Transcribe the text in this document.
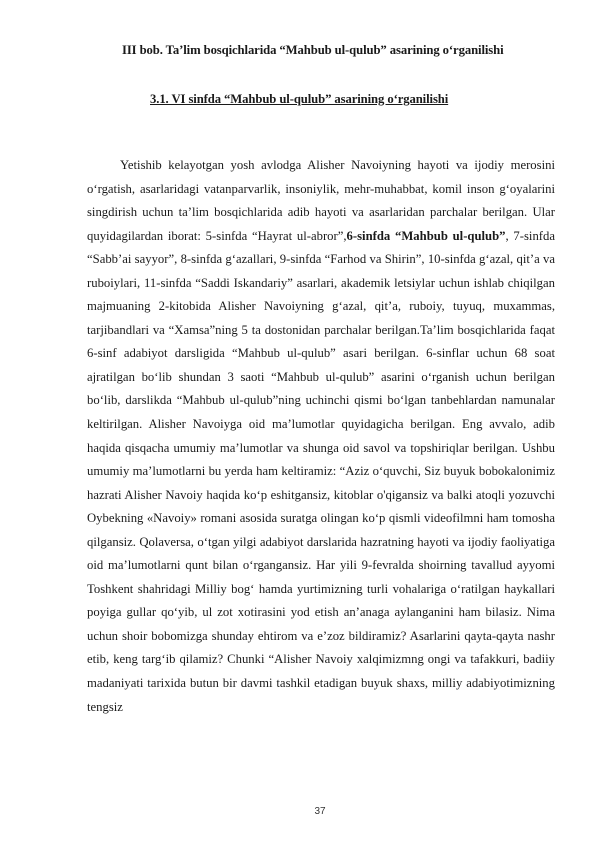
III bob. Ta’lim bosqichlarida “Mahbub ul-qulub” asarining o‘rganilishi
3.1. VI sinfda “Mahbub ul-qulub” asarining o‘rganilishi

Yetishib kelayotgan yosh avlodga Alisher Navoiyning hayoti va ijodiy merosini o‘rgatish, asarlaridagi vatanparvarlik, insoniylik, mehr-muhabbat, komil inson g‘oyalarini singdirish uchun ta’lim bosqichlarida adib hayoti va asarlaridan parchalar berilgan. Ular quyidagilardan iborat: 5-sinfda “Hayrat ul-abror”,6-sinfda “Mahbub ul-qulub”, 7-sinfda “Sabb’ai sayyor”, 8-sinfda g‘azallari, 9-sinfda “Farhod va Shirin”, 10-sinfda g‘azal, qit’a va ruboiylari, 11-sinfda “Saddi Iskandariy” asarlari, akademik letsiylar uchun ishlab chiqilgan majmuaning 2-kitobida Alisher Navoiyning g‘azal, qit’a, ruboiy, tuyuq, muxammas, tarjibandlari va “Xamsa”ning 5 ta dostonidan parchalar berilgan.Ta’lim bosqichlarida faqat 6-sinf adabiyot darsligida “Mahbub ul-qulub” asari berilgan. 6-sinflar uchun 68 soat ajratilgan bo‘lib shundan 3 saoti “Mahbub ul-qulub” asarini o‘rganish uchun berilgan bo‘lib, darslikda “Mahbub ul-qulub”ning uchinchi qismi bo‘lgan tanbehlardan namunalar keltirilgan. Alisher Navoiyga oid ma’lumotlar quyidagicha berilgan. Eng avvalo, adib haqida qisqacha umumiy ma’lumotlar va shunga oid savol va topshiriqlar berilgan. Ushbu umumiy ma’lumotlarni bu yerda ham keltiramiz: “Aziz o‘quvchi, Siz buyuk bobokalonimiz hazrati Alisher Navoiy haqida ko‘p eshitgansiz, kitoblar o'qigansiz va balki atoqli yozuvchi Oybekning «Navoiy» romani asosida suratga olingan ko‘p qismli videofilmni ham tomosha qilgansiz. Qolaversa, o‘tgan yilgi adabiyot darslarida hazratning hayoti va ijodiy faoliyatiga oid ma’lumotlarni qunt bilan o‘rgangansiz. Har yili 9-fevralda shoirning tavallud ayyomi Toshkent shahridagi Milliy bog‘ hamda yurtimizning turli vohalariga o‘ratilgan haykallari poyiga gullar qo‘yib, ul zot xotirasini yod etish an’anaga aylanganini ham bilasiz. Nima uchun shoir bobomizga shunday ehtirom va e’zoz bildiramiz? Asarlarini qayta-qayta nashr etib, keng targ‘ib qilamiz? Chunki “Alisher Navoiy xalqimizmng ongi va tafakkuri, badiiy madaniyati tarixida butun bir davmi tashkil etadigan buyuk shaxs, milliy adabiyotimizning tengsiz

37
